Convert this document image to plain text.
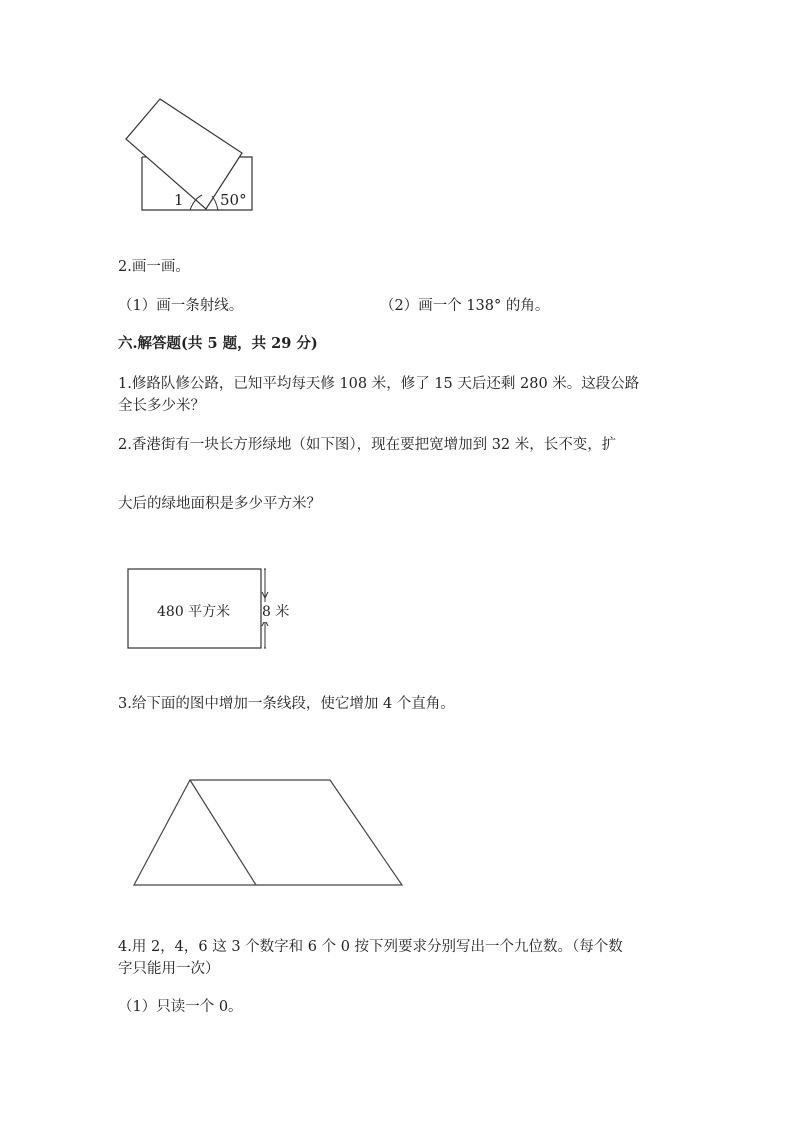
1 50°
2.画一画。
（1）画一条射线。	（2）画一个 138° 的角。
六.解答题(共 5 题，共 29 分)
1.修路队修公路，已知平均每天修 108 米，修了 15 天后还剩 280 米。这段公路
全长多少米？
2.香港街有一块长方形绿地（如下图），现在要把宽增加到 32 米，长不变，扩
大后的绿地面积是多少平方米？
480 平方米 8 米
3.给下面的图中增加一条线段，使它增加 4 个直角。
4.用 2，4，6 这 3 个数字和 6 个 0 按下列要求分别写出一个九位数。（每个数
字只能用一次）
（1）只读一个 0。
